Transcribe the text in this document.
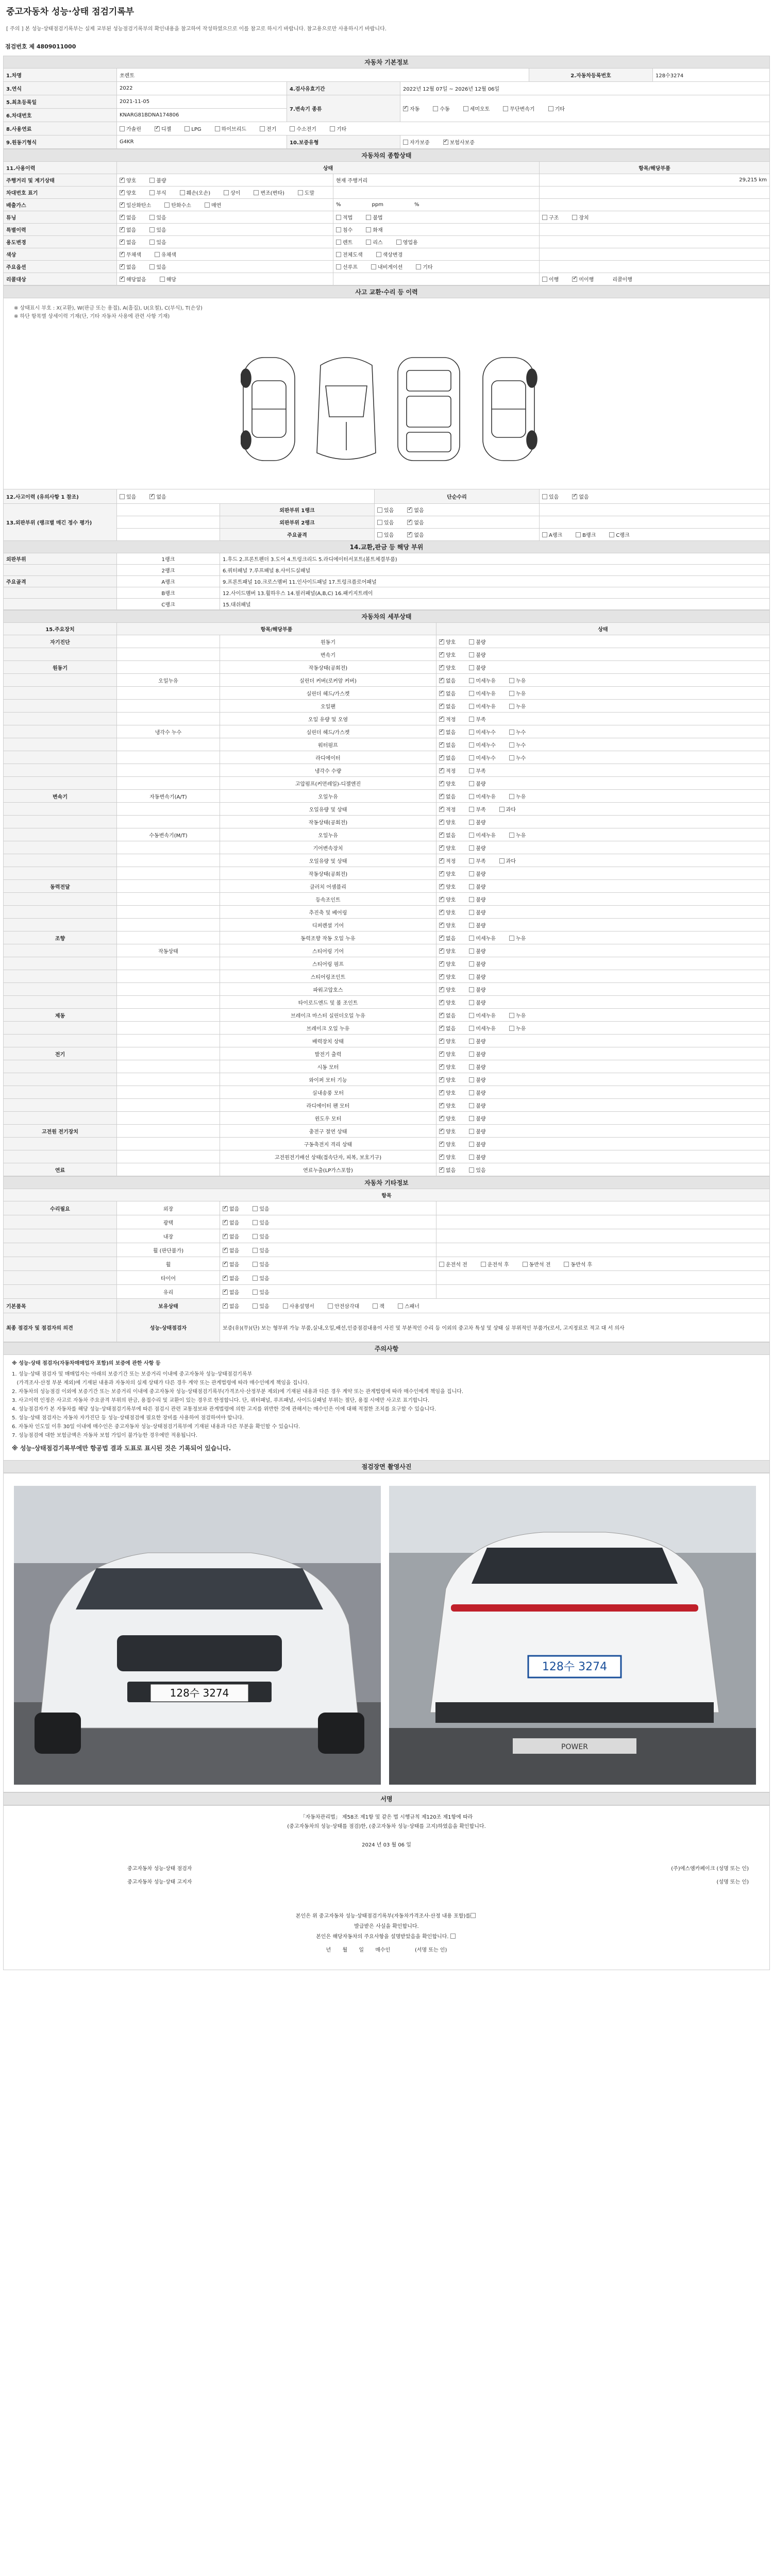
중고자동차 성능·상태 점검기록부
[ 주의 ] 본 성능·상태점검기록부는 실제 교부된 성능점검기록부의 확인내용을 참고하여 작성하였으므로 이를 참고로 하시기 바랍니다. 참고용으로만 사용하시기 바랍니다.
점검번호 제 4809011000
자동차 기본정보					
1.차명	쏘렌토			2.자동차등록번호	128수3274
3.연식	2022	4.검사유효기간	2022년 12월 07일 ~ 2026년 12월 06일		
5.최초등록일	2021-11-05	7.변속기 종류	✓자동 수동 세미오토 무단변속기 기타
6.차대번호	KNARG81BDNA174806				
8.사용연료	가솔린 ✓ 디젤 LPG 하이브리드 전기 수소전기 기타
9.원동기형식	G4KR	10.보증유형	자가보증 ✓ 보험사보증
자동차의 종합상태			
11.사용이력	상태		항목/해당부품
주행거리 및 계기상태	✓양호 불량	현재 주행거리	29,215 km

차대번호 표기	✓양호 부식 훼손(오손) 상이 변조(변타) 도말		
배출가스	✓일산화탄소 탄화수소 매연	% ppm %	
튜닝	✓없음 있음	적법 불법	구조 장치
특별이력	✓없음 있음	침수 화재	
용도변경	✓없음 있음	렌트 리스 영업용	
색상	✓무채색 유채색	전체도색 색상변경	
주요옵션	✓없음 있음	선루프 내비게이션 기타	
리콜대상	✓해당없음 해당		이행 ✓ 미이행 리콜이행
사고 교환·수리 등 이력
※ 상태표시 부호 : X(교환), W(판금 또는 용접), A(흠집), U(요철), C(부식), T(손상)
※ 하단 항목별 상세이력 기재(단, 기타 자동차 사용에 관련 사항 기재)
12.사고이력 (유의사항 1 참조)	있음 ✓ 없음		단순수리	있음 ✓ 없음
13.외판부위 (랭크별 매긴 정수 평가)		외판부위 1랭크	있음 ✓ 없음	
		외판부위 2랭크	있음 ✓ 없음	
		주요골격	있음 ✓ 없음	A랭크 B랭크 C랭크
14.교환,판금 등 해당 부위				
외판부위	1랭크	1.후드 2.프론트펜더 3.도어 4.트렁크리드 5.라디에이터서포트(볼트체결부품)		
	2랭크	6.쿼터패널 7.루프패널 8.사이드실패널		
주요골격	A랭크	9.프론트패널 10.크로스멤버 11.인사이드패널 17.트렁크플로어패널		
	B랭크	12.사이드멤버 13.휠하우스 14.필러패널(A,B,C) 16.패키지트레이		
	C랭크	15.대쉬패널		
자동차의 세부상태			
15.주요장치	항목/해당부품		상태
자기진단		원동기	✓양호 불량
		변속기	✓양호 불량
원동기		작동상태(공회전)	✓양호 불량
	오일누유	실린더 커버(로커암 커버)	✓없음 미세누유 누유
		실린더 헤드/가스켓	✓없음 미세누유 누유
		오일팬	✓없음 미세누유 누유
		오일 유량 및 오염	✓적정 부족
	냉각수 누수	실린더 헤드/가스켓	✓없음 미세누수 누수
		워터펌프	✓없음 미세누수 누수
		라디에이터	✓없음 미세누수 누수
		냉각수 수량	✓적정 부족
		고압펌프(커먼레일)-디젤엔진	✓양호 불량
변속기	자동변속기(A/T)	오일누유	✓없음 미세누유 누유
		오일유량 및 상태	✓적정 부족 과다
		작동상태(공회전)	✓양호 불량
	수동변속기(M/T)	오일누유	✓없음 미세누유 누유
		기어변속장치	✓양호 불량
		오일유량 및 상태	✓적정 부족 과다
		작동상태(공회전)	✓양호 불량
동력전달		클러치 어셈블리	✓양호 불량
		등속조인트	✓양호 불량
		추진축 및 베어링	✓양호 불량
		디퍼렌셜 기어	✓양호 불량
조향		동력조향 작동 오일 누유	✓없음 미세누유 누유
	작동상태	스티어링 기어	✓양호 불량
		스티어링 펌프	✓양호 불량
		스티어링조인트	✓양호 불량
		파워고압호스	✓양호 불량
		타이로드엔드 및 볼 조인트	✓양호 불량
제동		브레이크 마스터 실린더오일 누유	✓없음 미세누유 누유
		브레이크 오일 누유	✓없음 미세누유 누유
		배력장치 상태	✓양호 불량
전기		발전기 출력	✓양호 불량
		시동 모터	✓양호 불량
		와이퍼 모터 기능	✓양호 불량
		실내송풍 모터	✓양호 불량
		라디에이터 팬 모터	✓양호 불량
		윈도우 모터	✓양호 불량
고전원 전기장치		충전구 절연 상태	✓양호 불량
		구동축전지 격리 상태	✓양호 불량
		고전원전기배선 상태(접속단자, 피복, 보호기구)	✓양호 불량
연료		연료누출(LP가스포함)	✓없음 있음
자동차 기타정보			
항목			
수리필요	외장	✓없음 있음	
	광택	✓없음 있음	
	내장	✓없음 있음	
	휠 (판단불가)	✓없음 있음	
	휠	✓없음 있음	운전석 전 운전석 후 동반석 전 동반석 후
	타이어	✓없음 있음	
	유리	✓없음 있음	
기본품목	보유상태	✓없음 있음 사용설명서 안전삼각대 잭 스패너
최종 점검자 및 점검자의 의견	성능·상태점검자	보증(유)(무)(단) 보는 형부위 가능 부품,실내,오일,배선,인증점검내용이 사진 및 부분적인 수리 등 이외의 중고차 특성 및 상태 실 부위적인 부품가(로서, 고지정료로 적고 대 서 의사	
주의사항
※ 성능·상태 점검자(자동차매매업자 포함)의 보증에 관한 사항 등
1. 성능·상태 점검자 및 매매업자는 아래의 보증기간 또는 보증거리 이내에 중고자동차 성능·상태점검기록부
(가격조사·산정 부분 제외)에 기재된 내용과 자동차의 실제 상태가 다른 경우 계약 또는 관계법령에 따라 매수인에게 책임을 집니다.
2. 자동차의 성능점검 이외에 보증기간 또는 보증거리 이내에 중고자동차 성능·상태점검기록부(가격조사·산정부분 제외)에 기재된 내용과 다른 경우 계약 또는 관계법령에 따라 매수인에게 책임을 집니다.
3. 사고이력 인정은 사고로 자동차 주요골격 부위의 판금, 용접수리 및 교환이 있는 경우로 한정합니다. 단, 쿼터패널, 루프패널, 사이드실패널 부위는 절단, 용접 시에만 사고로 표기합니다.
4. 성능점검자가 본 자동차를 해당 성능·상태점검기록부에 따른 점검시 관련 교통정보와 관계법령에 의한 고지를 위반한 것에 관해서는 매수인은 이에 대해 적절한 조치를 요구할 수 있습니다.
5. 성능·상태 점검자는 자동차 자가진단 등 성능·상태점검에 필요한 장비를 사용하여 점검하여야 합니다.
6. 자동차 인도일 이후 30일 이내에 매수인은 중고자동차 성능·상태점검기록부에 기재된 내용과 다른 부분을 확인할 수 있습니다.
7. 성능점검에 대한 보험금액은 자동차 보험 가입이 불가능한 경우에만 적용됩니다.
※ 성능·상태점검기록부에만 항공법 결과 도표로 표시된 것은 기록되어 있습니다.
점검장면 촬영사진
128수 3274
128수 3274
POWER
서명
「자동차관리법」 제58조 제1항 및 같은 법 시행규칙 제120조 제1항에 따라
(중고자동차의 성능·상태를 점검)한, (중고자동차 성능·상태를 고지)하였음을 확인합니다.
2024 년 03 월 06 일
중고자동차 성능·상태 점검자
중고자동차 성능·상태 고지자
(주)에스엠카페이크 (성명 또는 인)
(성명 또는 인)
본인은 위 중고자동차 성능·상태점검기록부(자동차가격조사·산정 내용 포함)를
발급받은 사실을 확인합니다.
본인은 해당자동차의 주요사항을 설명받았음을 확인합니다.
년 월 일 매수인	(서명 또는 인)
